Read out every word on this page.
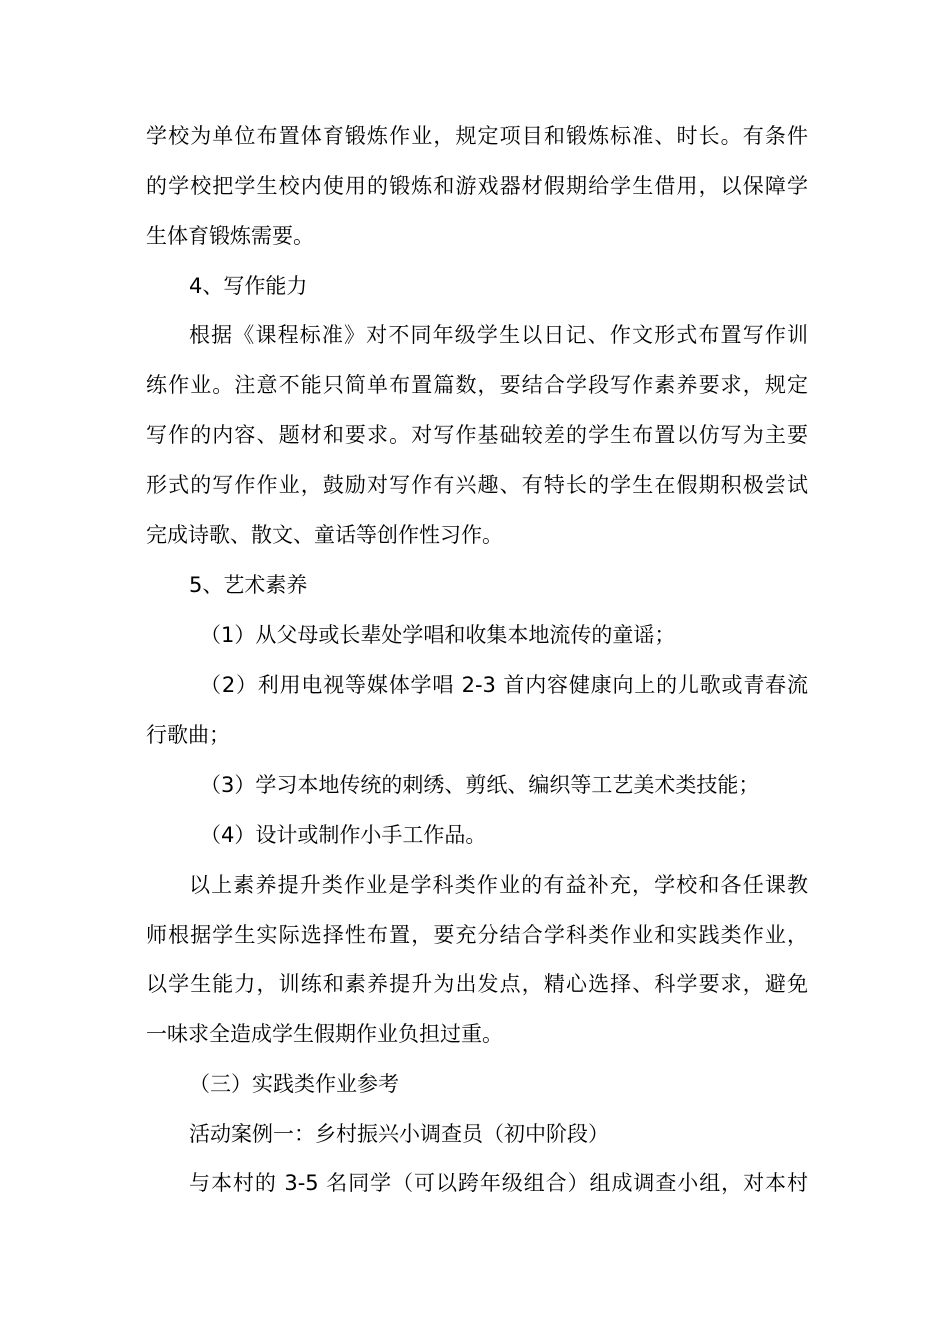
学校为单位布置体育锻炼作业，规定项目和锻炼标准、时长。有条件
的学校把学生校内使用的锻炼和游戏器材假期给学生借用，以保障学
生体育锻炼需要。
4、写作能力
根据《课程标准》对不同年级学生以日记、作文形式布置写作训
练作业。注意不能只简单布置篇数，要结合学段写作素养要求，规定
写作的内容、题材和要求。对写作基础较差的学生布置以仿写为主要
形式的写作作业，鼓励对写作有兴趣、有特长的学生在假期积极尝试
完成诗歌、散文、童话等创作性习作。
5、艺术素养
（1）从父母或长辈处学唱和收集本地流传的童谣；
（2）利用电视等媒体学唱 2-3 首内容健康向上的儿歌或青春流
行歌曲；
（3）学习本地传统的刺绣、剪纸、编织等工艺美术类技能；
（4）设计或制作小手工作品。
以上素养提升类作业是学科类作业的有益补充，学校和各任课教
师根据学生实际选择性布置，要充分结合学科类作业和实践类作业，
以学生能力，训练和素养提升为出发点，精心选择、科学要求，避免
一味求全造成学生假期作业负担过重。
（三）实践类作业参考
活动案例一：乡村振兴小调查员（初中阶段）
与本村的 3-5 名同学（可以跨年级组合）组成调查小组，对本村
